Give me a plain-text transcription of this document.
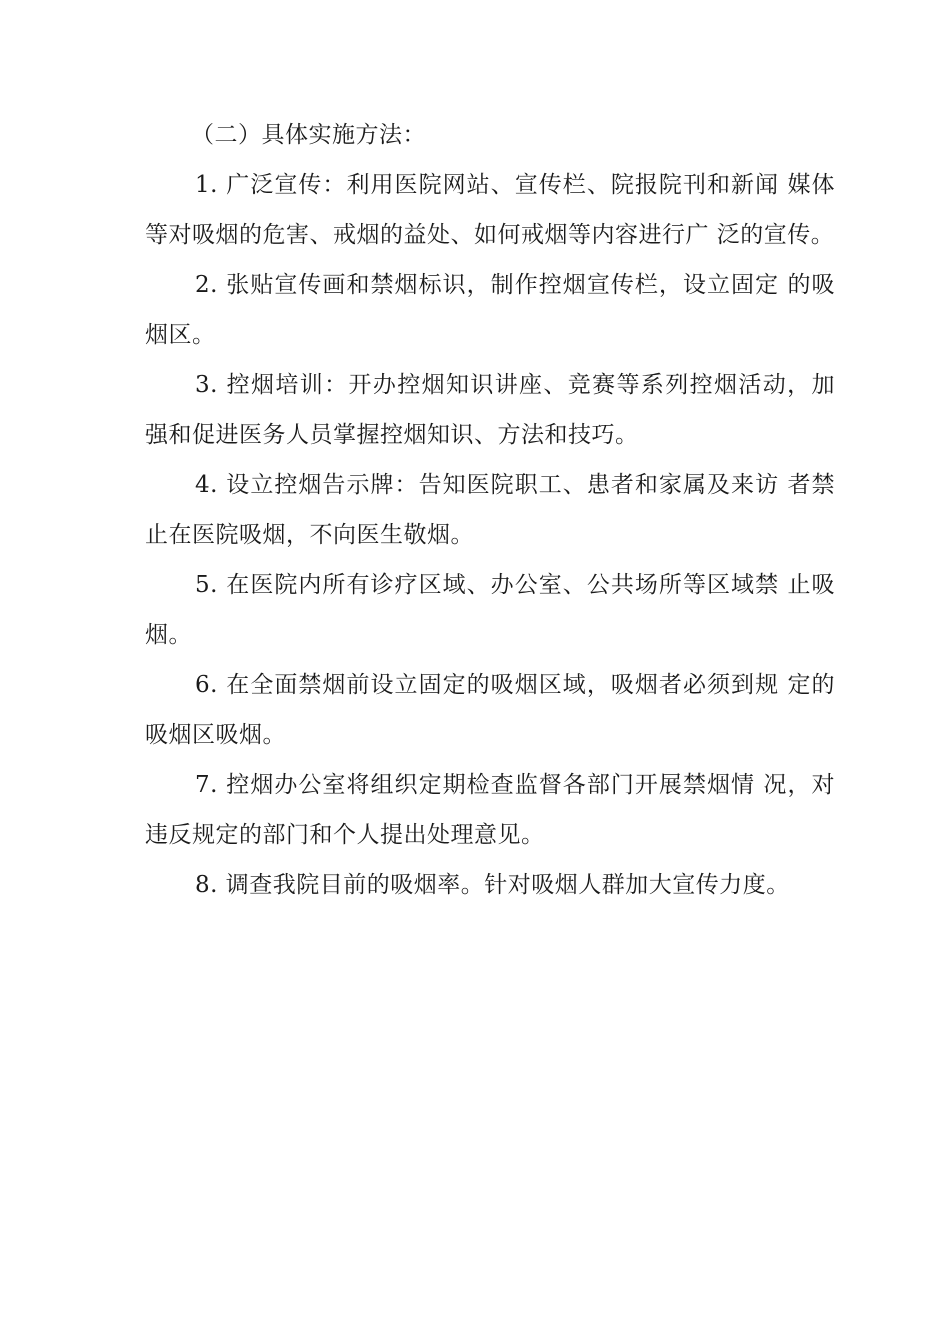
（二）具体实施方法：

1. 广泛宣传：利用医院网站、宣传栏、院报院刊和新闻 媒体等对吸烟的危害、戒烟的益处、如何戒烟等内容进行广 泛的宣传。

2. 张贴宣传画和禁烟标识，制作控烟宣传栏，设立固定 的吸烟区。

3. 控烟培训：开办控烟知识讲座、竞赛等系列控烟活动，加强和促进医务人员掌握控烟知识、方法和技巧。

4. 设立控烟告示牌：告知医院职工、患者和家属及来访 者禁止在医院吸烟，不向医生敬烟。

5. 在医院内所有诊疗区域、办公室、公共场所等区域禁 止吸烟。

6. 在全面禁烟前设立固定的吸烟区域，吸烟者必须到规 定的吸烟区吸烟。

7. 控烟办公室将组织定期检查监督各部门开展禁烟情 况，对违反规定的部门和个人提出处理意见。

8. 调查我院目前的吸烟率。针对吸烟人群加大宣传力度。
